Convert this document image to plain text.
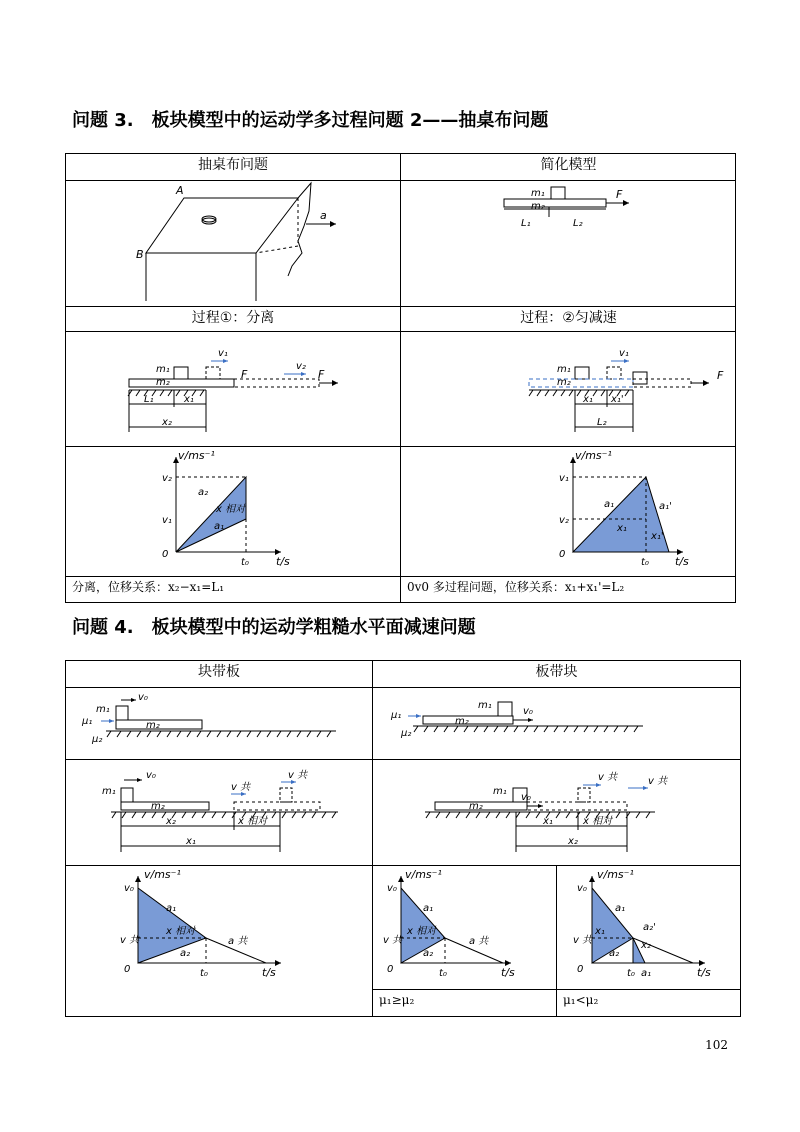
问题 3.　板块模型中的运动学多过程问题 2——抽桌布问题
抽桌布问题	简化模型
A
B
a
m₁
m₂
F
L₁	L₂
过程①：分离	过程：②匀减速
m₁
m₂
v₁
F
v₂
F
L₁	x₁
x₂
m₁
m₂
v₁
F
x₁ x₁'
L₂
v/ms⁻¹
t/s
v₂
v₁
0
t₀
a₂
x 相对
a₁
v/ms⁻¹
t/s
v₁
v₂
0
t₀
a₁
x₁
a₁'
x₁'
分离，位移关系：x₂−x₁=L₁	0v0 多过程问题，位移关系：x₁+x₁'=L₂
问题 4.　板块模型中的运动学粗糙水平面减速问题
块带板	板带块
m₁
v₀
m₂
μ₁
μ₂
m₁
v₀
m₂
μ₁
μ₂
m₁
v₀
m₂
v 共
v 共
x₂	x 相对
x₁
m₁
v₀
m₂
v 共	v 共
x₁	x 相对
x₂
v/ms⁻¹
t/s
v₀
v 共
0	t₀
a₁
x 相对
a₂
a 共
v/ms⁻¹
t/s
v₀
v 共
0	t₀
a₁
x 相对
a₂
a 共
v/ms⁻¹
t/s
v₀
v 共
0	t₀
a₁
x₁
a₂
a₂'
x₂
a₁
μ₁≥μ₂	μ₁<μ₂
102
